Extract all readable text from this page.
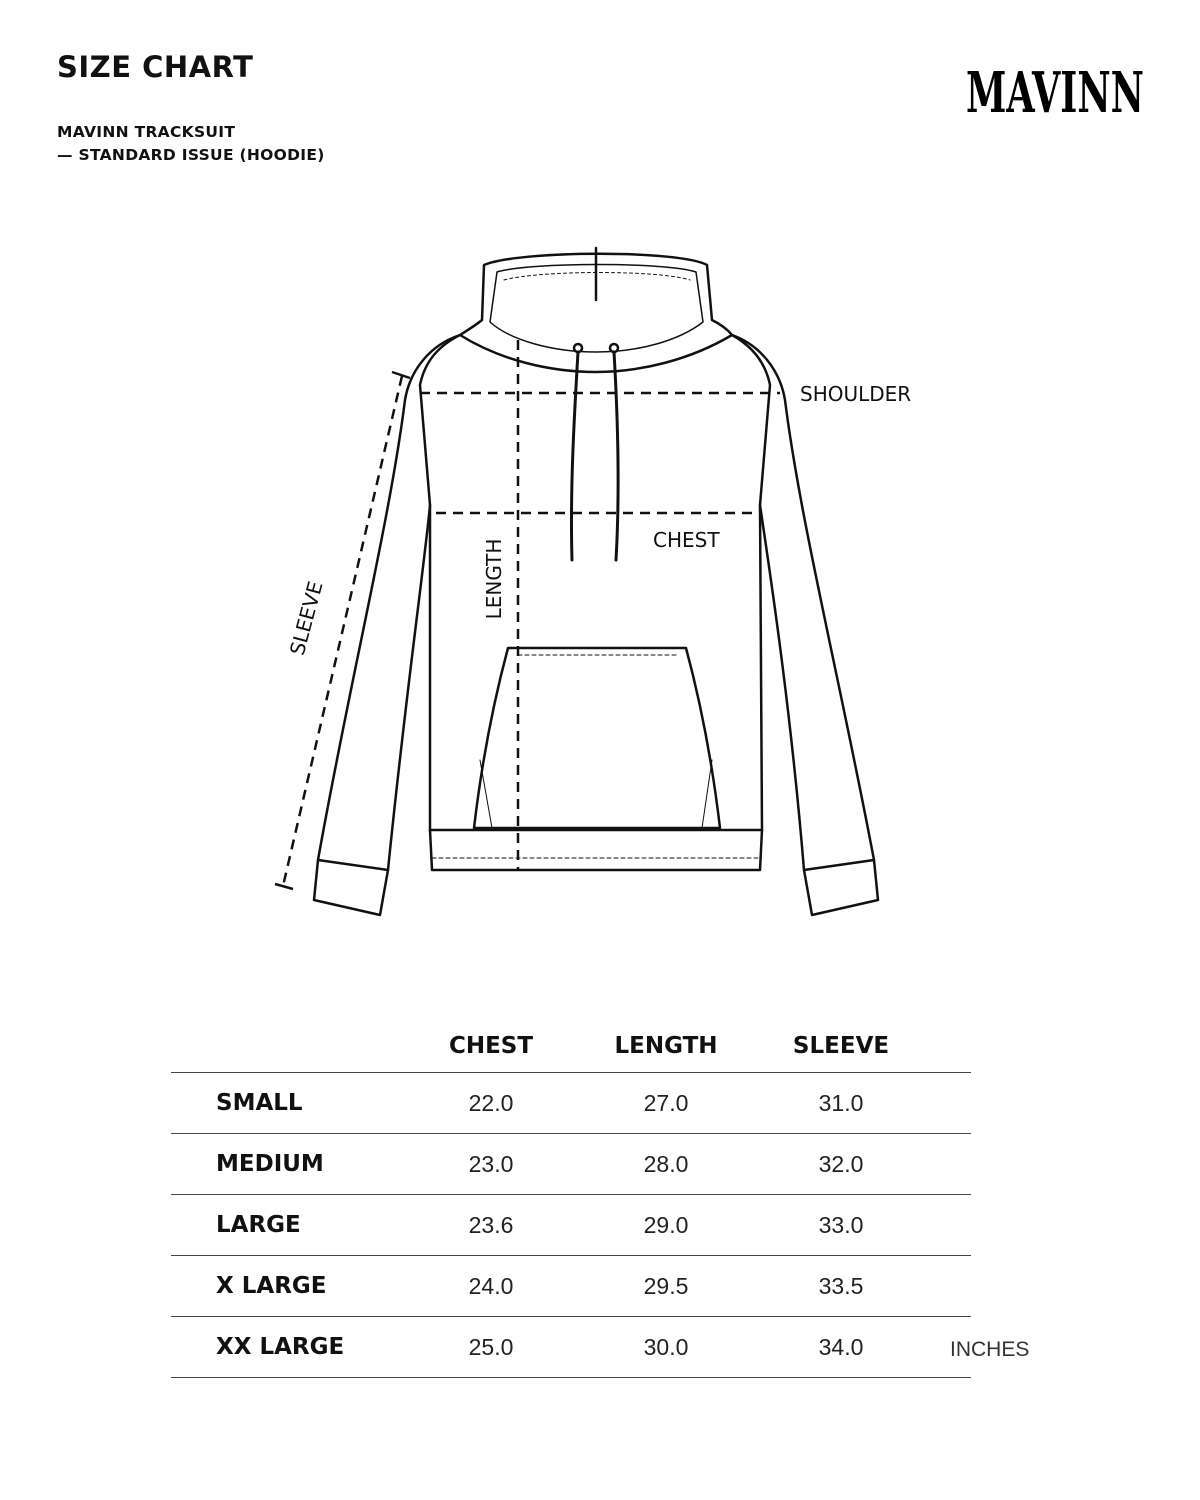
SIZE CHART
MAVINN TRACKSUIT
— STANDARD ISSUE (HOODIE)
MAVINN
SHOULDER
CHEST
LENGTH
SLEEVE
	CHEST	LENGTH	SLEEVE	
SMALL	22.0	27.0	31.0	
MEDIUM	23.0	28.0	32.0	
LARGE	23.6	29.0	33.0	
X LARGE	24.0	29.5	33.5	
XX LARGE	25.0	30.0	34.0		INCHES
